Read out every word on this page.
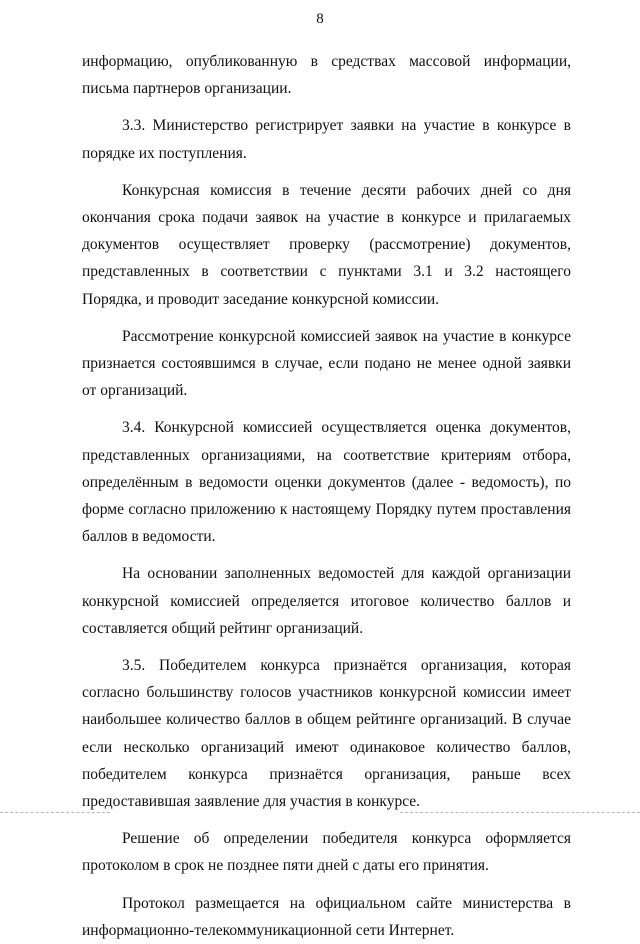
8

информацию, опубликованную в средствах массовой информации, письма партнеров организации.

3.3. Министерство регистрирует заявки на участие в конкурсе в порядке их поступления.

Конкурсная комиссия в течение десяти рабочих дней со дня окончания срока подачи заявок на участие в конкурсе и прилагаемых документов осуществляет проверку (рассмотрение) документов, представленных в соответствии с пунктами 3.1 и 3.2 настоящего Порядка, и проводит заседание конкурсной комиссии.

Рассмотрение конкурсной комиссией заявок на участие в конкурсе признается состоявшимся в случае, если подано не менее одной заявки от организаций.

3.4. Конкурсной комиссией осуществляется оценка документов, представленных организациями, на соответствие критериям отбора, определённым в ведомости оценки документов (далее - ведомость), по форме согласно приложению к настоящему Порядку путем проставления баллов в ведомости.

На основании заполненных ведомостей для каждой организации конкурсной комиссией определяется итоговое количество баллов и составляется общий рейтинг организаций.

3.5. Победителем конкурса признаётся организация, которая согласно большинству голосов участников конкурсной комиссии имеет наибольшее количество баллов в общем рейтинге организаций. В случае если несколько организаций имеют одинаковое количество баллов, победителем конкурса признаётся организация, раньше всех предоставившая заявление для участия в конкурсе.

Решение об определении победителя конкурса оформляется протоколом в срок не позднее пяти дней с даты его принятия.

Протокол размещается на официальном сайте министерства в информационно-телекоммуникационной сети Интернет.
